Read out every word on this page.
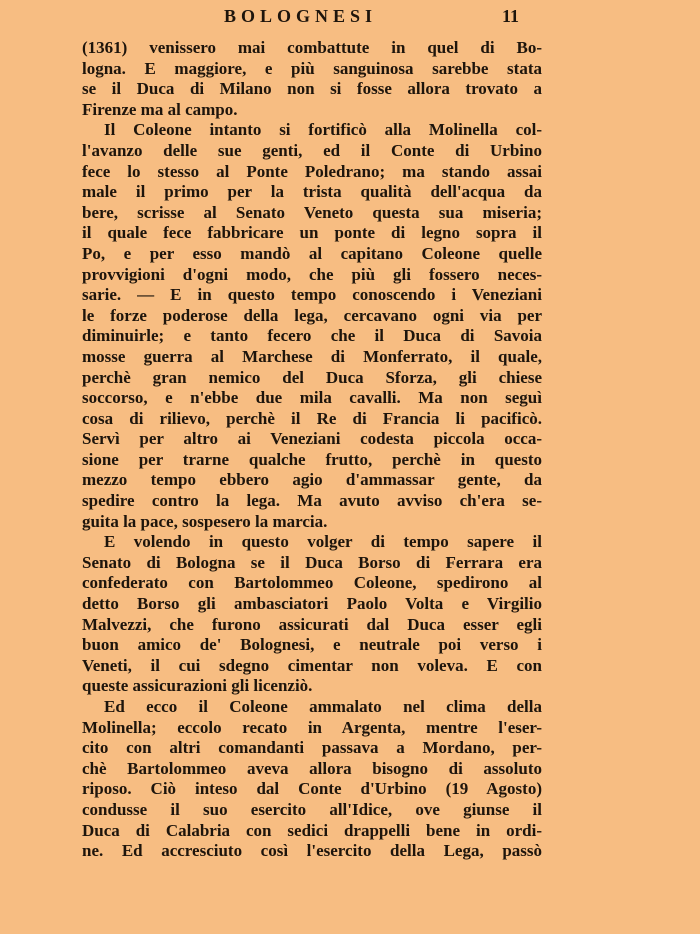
BOLOGNESI	11
(1361) venissero mai combattute in quel di Bo-
logna. E maggiore, e più sanguinosa sarebbe stata
se il Duca di Milano non si fosse allora trovato a
Firenze ma al campo.
Il Coleone intanto si fortificò alla Molinella col-
l'avanzo delle sue genti, ed il Conte di Urbino
fece lo stesso al Ponte Poledrano; ma stando assai
male il primo per la trista qualità dell'acqua da
bere, scrisse al Senato Veneto questa sua miseria;
il quale fece fabbricare un ponte di legno sopra il
Po, e per esso mandò al capitano Coleone quelle
provvigioni d'ogni modo, che più gli fossero neces-
sarie. — E in questo tempo conoscendo i Veneziani
le forze poderose della lega, cercavano ogni via per
diminuirle; e tanto fecero che il Duca di Savoia
mosse guerra al Marchese di Monferrato, il quale,
perchè gran nemico del Duca Sforza, gli chiese
soccorso, e n'ebbe due mila cavalli. Ma non seguì
cosa di rilievo, perchè il Re di Francia li pacificò.
Servì per altro ai Veneziani codesta piccola occa-
sione per trarne qualche frutto, perchè in questo
mezzo tempo ebbero agio d'ammassar gente, da
spedire contro la lega. Ma avuto avviso ch'era se-
guita la pace, sospesero la marcia.
E volendo in questo volger di tempo sapere il
Senato di Bologna se il Duca Borso di Ferrara era
confederato con Bartolommeo Coleone, spedirono al
detto Borso gli ambasciatori Paolo Volta e Virgilio
Malvezzi, che furono assicurati dal Duca esser egli
buon amico de' Bolognesi, e neutrale poi verso i
Veneti, il cui sdegno cimentar non voleva. E con
queste assicurazioni gli licenziò.
Ed ecco il Coleone ammalato nel clima della
Molinella; eccolo recato in Argenta, mentre l'eser-
cito con altri comandanti passava a Mordano, per-
chè Bartolommeo aveva allora bisogno di assoluto
riposo. Ciò inteso dal Conte d'Urbino (19 Agosto)
condusse il suo esercito all'Idice, ove giunse il
Duca di Calabria con sedici drappelli bene in ordi-
ne. Ed accresciuto così l'esercito della Lega, passò
